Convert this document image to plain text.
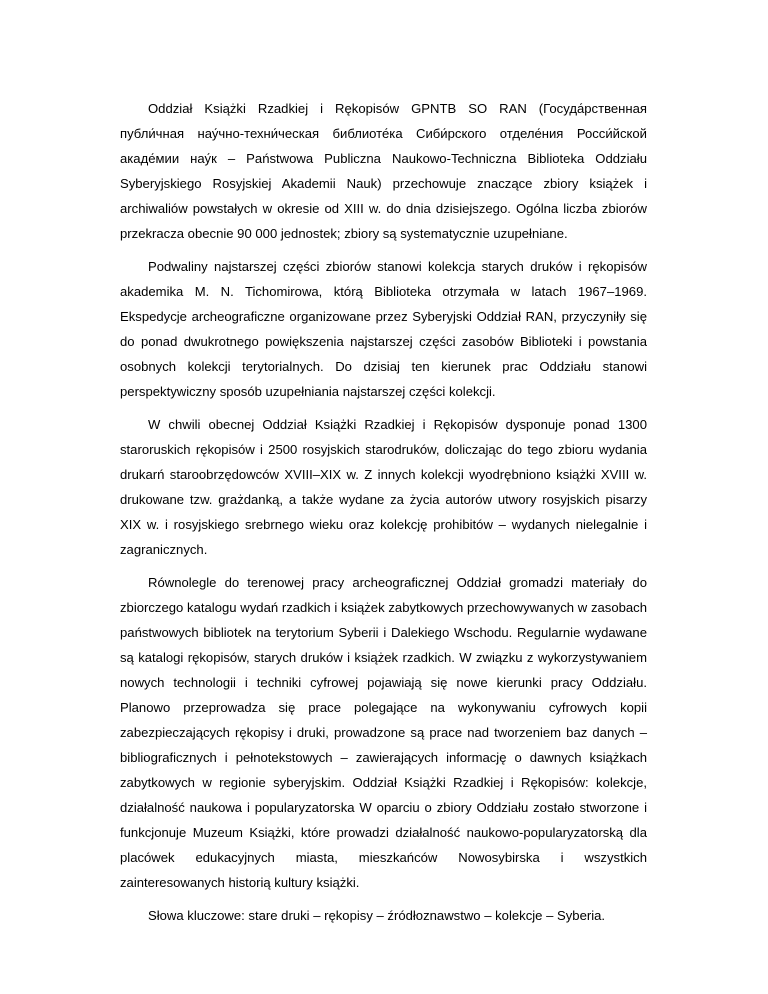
Oddział Książki Rzadkiej i Rękopisów GPNTB SO RAN (Госуда́рственная публи́чная нау́чно-техни́ческая библиоте́ка Сиби́рского отделе́ния Росси́йской акаде́мии нау́к – Państwowa Publiczna Naukowo-Techniczna Biblioteka Oddziału Syberyjskiego Rosyjskiej Akademii Nauk) przechowuje znaczące zbiory książek i archiwaliów powstałych w okresie od XIII w. do dnia dzisiejszego. Ogólna liczba zbiorów przekracza obecnie 90 000 jednostek; zbiory są systematycznie uzupełniane.

Podwaliny najstarszej części zbiorów stanowi kolekcja starych druków i rękopisów akademika M. N. Tichomirowa, którą Biblioteka otrzymała w latach 1967–1969. Ekspedycje archeograficzne organizowane przez Syberyjski Oddział RAN, przyczyniły się do ponad dwukrotnego powiększenia najstarszej części zasobów Biblioteki i powstania osobnych kolekcji terytorialnych. Do dzisiaj ten kierunek prac Oddziału stanowi perspektywiczny sposób uzupełniania najstarszej części kolekcji.

W chwili obecnej Oddział Książki Rzadkiej i Rękopisów dysponuje ponad 1300 staroruskich rękopisów i 2500 rosyjskich starodruków, doliczając do tego zbioru wydania drukarń staroobrzędowców XVIII–XIX w. Z innych kolekcji wyodrębniono książki XVIII w. drukowane tzw. grażdanką, a także wydane za życia autorów utwory rosyjskich pisarzy XIX w. i rosyjskiego srebrnego wieku oraz kolekcję prohibitów – wydanych nielegalnie i zagranicznych.

Równolegle do terenowej pracy archeograficznej Oddział gromadzi materiały do zbiorczego katalogu wydań rzadkich i książek zabytkowych przechowywanych w zasobach państwowych bibliotek na terytorium Syberii i Dalekiego Wschodu. Regularnie wydawane są katalogi rękopisów, starych druków i książek rzadkich. W związku z wykorzystywaniem nowych technologii i techniki cyfrowej pojawiają się nowe kierunki pracy Oddziału. Planowo przeprowadza się prace polegające na wykonywaniu cyfrowych kopii zabezpieczających rękopisy i druki, prowadzone są prace nad tworzeniem baz danych – bibliograficznych i pełnotekstowych – zawierających informację o dawnych książkach zabytkowych w regionie syberyjskim. Oddział Książki Rzadkiej i Rękopisów: kolekcje, działalność naukowa i popularyzatorska W oparciu o zbiory Oddziału zostało stworzone i funkcjonuje Muzeum Książki, które prowadzi działalność naukowo-popularyzatorską dla placówek edukacyjnych miasta, mieszkańców Nowosybirska i wszystkich zainteresowanych historią kultury książki.

Słowa kluczowe: stare druki – rękopisy – źródłoznawstwo – kolekcje – Syberia.
